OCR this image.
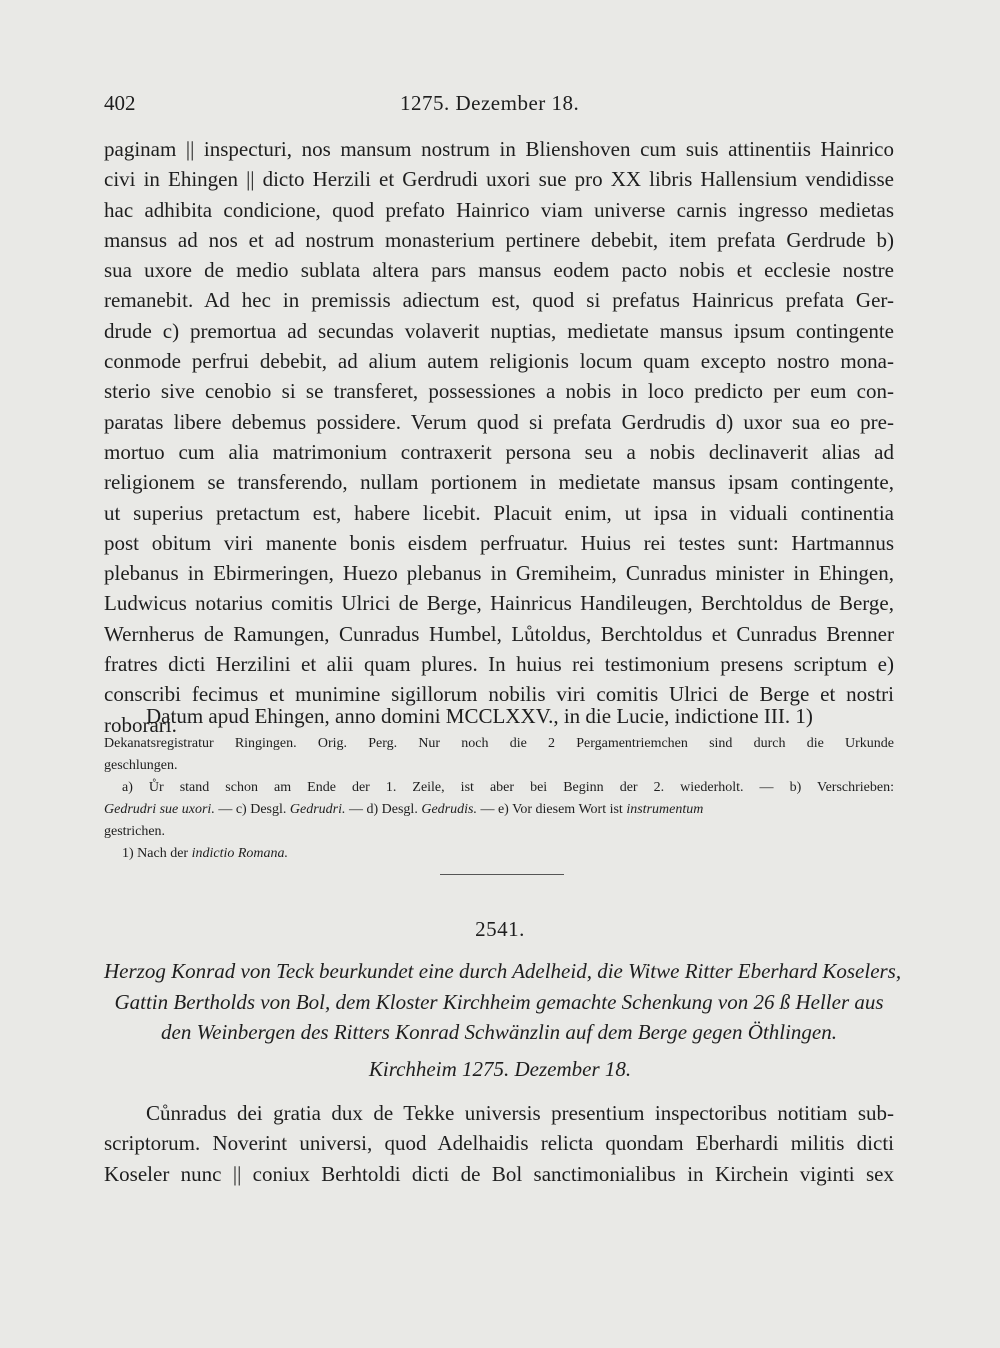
402	1275. Dezember 18.
paginam || inspecturi, nos mansum nostrum in Blienshoven cum suis attinentiis Hainrico
civi in Ehingen || dicto Herzili et Gerdrudi uxori sue pro XX libris Hallensium vendidisse
hac adhibita condicione, quod prefato Hainrico viam universe carnis ingresso medietas
mansus ad nos et ad nostrum monasterium pertinere debebit, item prefata Gerdrude b)
sua uxore de medio sublata altera pars mansus eodem pacto nobis et ecclesie nostre
remanebit. Ad hec in premissis adiectum est, quod si prefatus Hainricus prefata Ger-
drude c) premortua ad secundas volaverit nuptias, medietate mansus ipsum contingente
conmode perfrui debebit, ad alium autem religionis locum quam excepto nostro mona-
sterio sive cenobio si se transferet, possessiones a nobis in loco predicto per eum con-
paratas libere debemus possidere. Verum quod si prefata Gerdrudis d) uxor sua eo pre-
mortuo cum alia matrimonium contraxerit persona seu a nobis declinaverit alias ad
religionem se transferendo, nullam portionem in medietate mansus ipsam contingente,
ut superius pretactum est, habere licebit. Placuit enim, ut ipsa in viduali continentia
post obitum viri manente bonis eisdem perfruatur. Huius rei testes sunt: Hartmannus
plebanus in Ebirmeringen, Huezo plebanus in Gremiheim, Cunradus minister in Ehingen,
Ludwicus notarius comitis Ulrici de Berge, Hainricus Handileugen, Berchtoldus de Berge,
Wernherus de Ramungen, Cunradus Humbel, Lůtoldus, Berchtoldus et Cunradus Brenner
fratres dicti Herzilini et alii quam plures. In huius rei testimonium presens scriptum e)
conscribi fecimus et munimine sigillorum nobilis viri comitis Ulrici de Berge et nostri
roborari.
Datum apud Ehingen, anno domini MCCLXXV., in die Lucie, indictione III. 1)
Dekanatsregistratur Ringingen. Orig. Perg. Nur noch die 2 Pergamentriemchen sind durch die Urkunde
geschlungen.
a) Ůr stand schon am Ende der 1. Zeile, ist aber bei Beginn der 2. wiederholt. — b) Verschrieben:
Gedrudri sue uxori. — c) Desgl. Gedrudri. — d) Desgl. Gedrudis. — e) Vor diesem Wort ist instrumentum
gestrichen.
1) Nach der indictio Romana.
2541.
Herzog Konrad von Teck beurkundet eine durch Adelheid, die Witwe Ritter Eberhard Koselers,
Gattin Bertholds von Bol, dem Kloster Kirchheim gemachte Schenkung von 26 ß Heller aus
den Weinbergen des Ritters Konrad Schwänzlin auf dem Berge gegen Öthlingen.
Kirchheim 1275. Dezember 18.
Cůnradus dei gratia dux de Tekke universis presentium inspectoribus notitiam sub-
scriptorum. Noverint universi, quod Adelhaidis relicta quondam Eberhardi militis dicti
Koseler nunc || coniux Berhtoldi dicti de Bol sanctimonialibus in Kirchein viginti sex
